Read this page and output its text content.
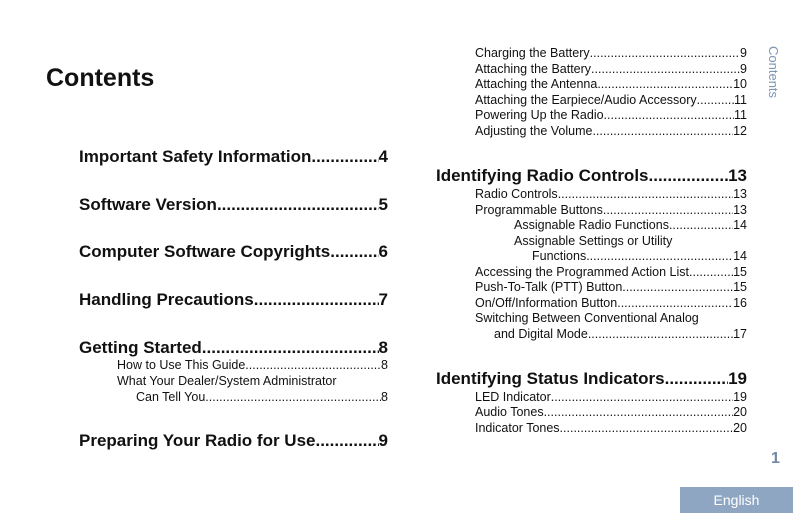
Contents
Important Safety Information .....	4
Software Version .....	5
Computer Software Copyrights .....	6
Handling Precautions .....	7
Getting Started .....	8
How to Use This Guide .....	8
What Your Dealer/System Administrator
Can Tell You .....	8
Preparing Your Radio for Use .....	9
Charging the Battery .....	9
Attaching the Battery .....	9
Attaching the Antenna .....	10
Attaching the Earpiece/Audio Accessory .....	11
Powering Up the Radio .....	11
Adjusting the Volume .....	12
Identifying Radio Controls .....	13
Radio Controls .....	13
Programmable Buttons .....	13
Assignable Radio Functions .....	14
Assignable Settings or Utility
Functions .....	14
Accessing the Programmed Action List .....	15
Push-To-Talk (PTT) Button .....	15
On/Off/Information Button .....	16
Switching Between Conventional Analog
and Digital Mode .....	17
Identifying Status Indicators .....	19
LED Indicator .....	19
Audio Tones .....	20
Indicator Tones .....	20
Contents
1
English
